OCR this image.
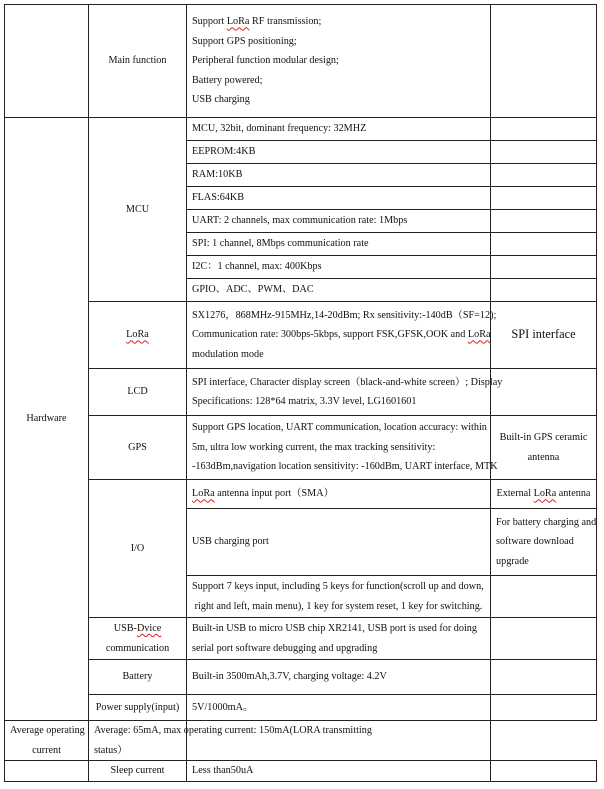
	Main function	Support LoRa RF transmission;
Support GPS positioning;
Peripheral function modular design;
Battery powered;
USB charging	

Hardware	MCU	MCU, 32bit, dominant frequency: 32MHZ	
		EEPROM:4KB	
		RAM:10KB	
		FLAS:64KB	
		UART: 2 channels, max communication rate: 1Mbps	
		SPI: 1 channel, 8Mbps communication rate	
		I2C：1 channel, max: 400Kbps	
		GPIO、ADC、PWM、DAC	
	LoRa	SX1276，868MHz-915MHz,14-20dBm; Rx sensitivity:-140dB（SF=12);
Communication rate: 300bps-5kbps, support FSK,GFSK,OOK and LoRa
modulation mode	SPI interface
	LCD	SPI interface, Character display screen（black-and-white screen）; Display
Specifications: 128*64 matrix, 3.3V level, LG1601601	

	GPS	Support GPS location, UART communication, location accuracy: within
5m, ultra low working current, the max tracking sensitivity:
-163dBm,navigation location sensitivity: -160dBm, UART interface, MTK	Built-in GPS ceramic
antenna

	I/O	LoRa antenna input port（SMA）	External LoRa antenna
		USB charging port	For battery charging and
software download
upgrade

		Support 7 keys input, including 5 keys for function(scroll up and down,
right and left, main menu), 1 key for system reset, 1 key for switching.	

	USB-Dvice
communication	Built-in USB to micro USB chip XR2141, USB port is used for doing
serial port software debugging and upgrading	

	Battery	Built-in 3500mAh,3.7V, charging voltage: 4.2V	
	Power supply(input)	5V/1000mA。	

Average operating
current	Average: 65mA, max operating current: 150mA(LORA transmitting
status）		

	Sleep current	Less than50uA	
